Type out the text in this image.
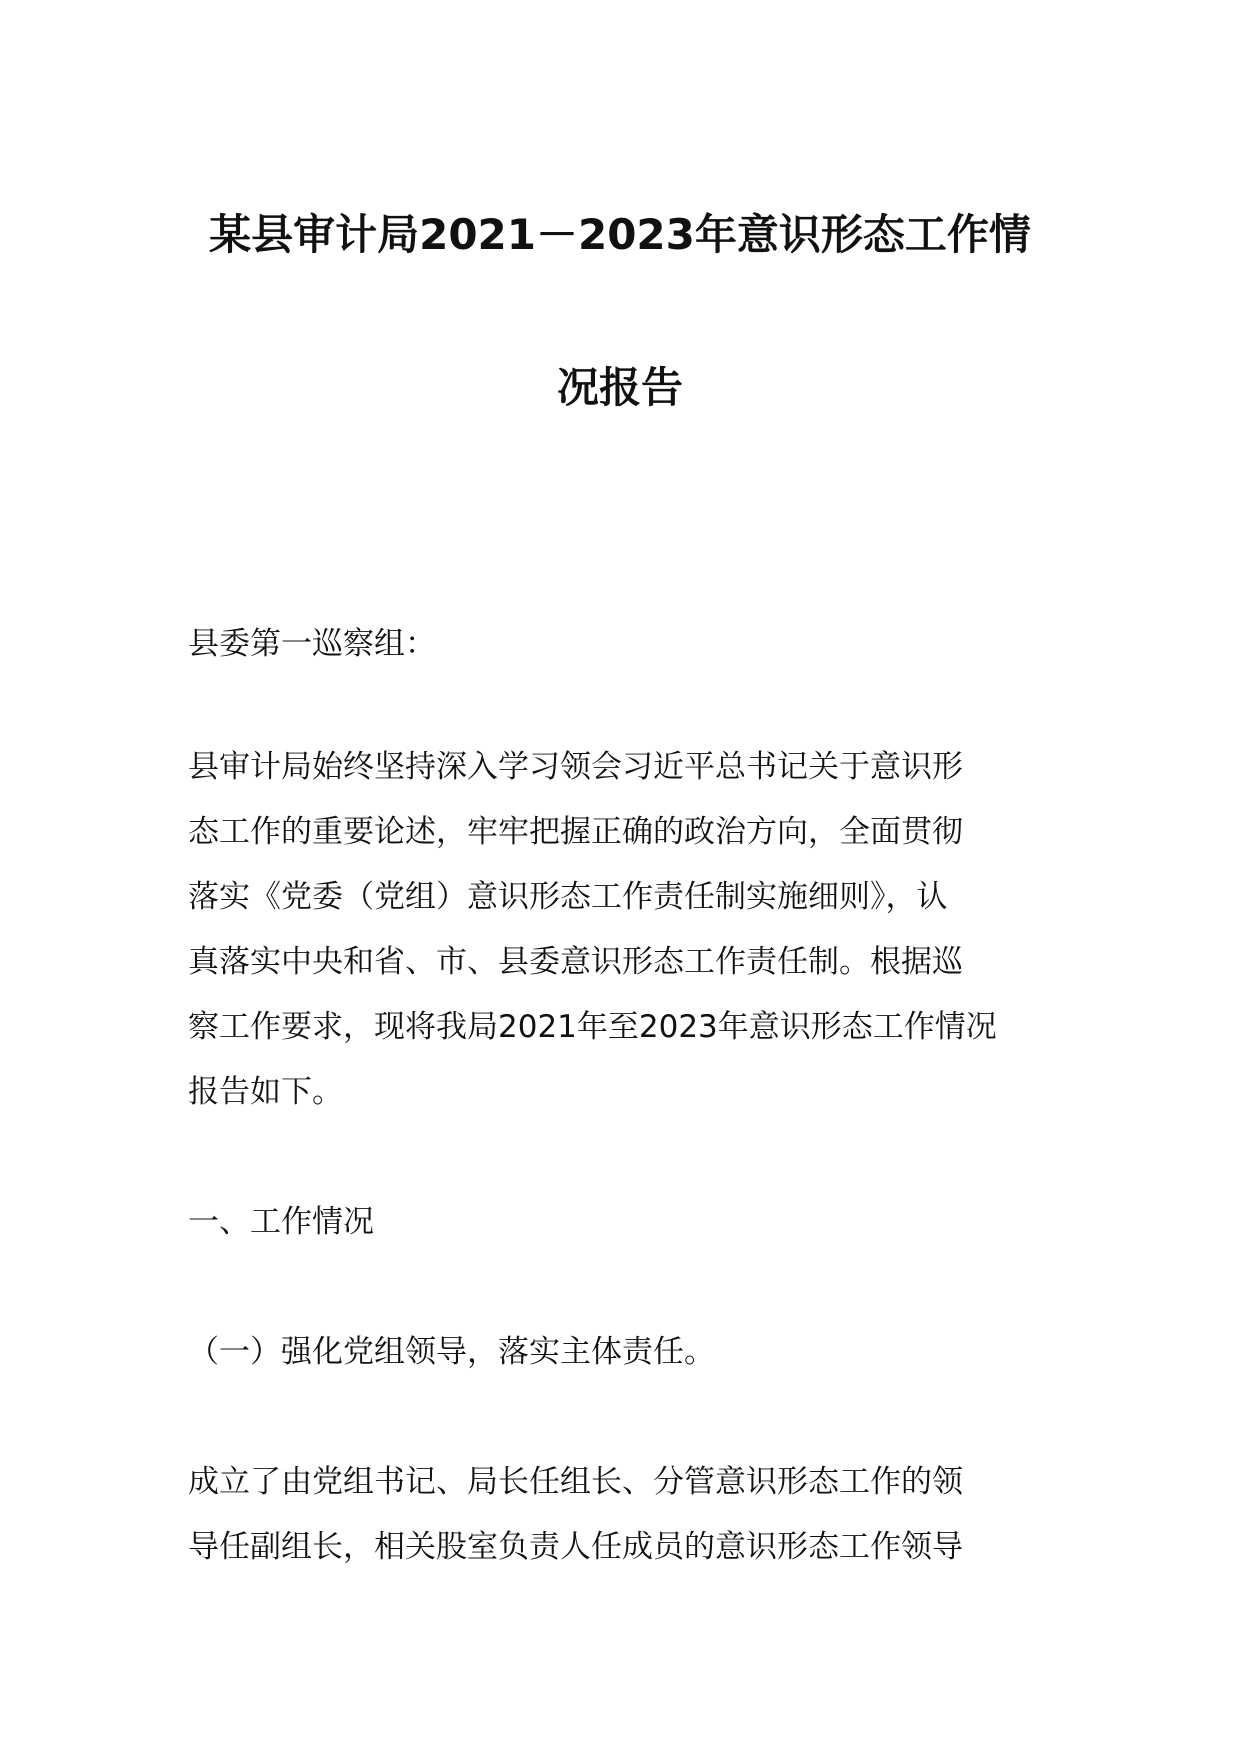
某县审计局2021－2023年意识形态工作情
况报告
县委第一巡察组：
县审计局始终坚持深入学习领会习近平总书记关于意识形
态工作的重要论述，牢牢把握正确的政治方向，全面贯彻
落实《党委（党组）意识形态工作责任制实施细则》，认
真落实中央和省、市、县委意识形态工作责任制。根据巡
察工作要求，现将我局2021年至2023年意识形态工作情况
报告如下。
一、工作情况
（一）强化党组领导，落实主体责任。
成立了由党组书记、局长任组长、分管意识形态工作的领
导任副组长，相关股室负责人任成员的意识形态工作领导
